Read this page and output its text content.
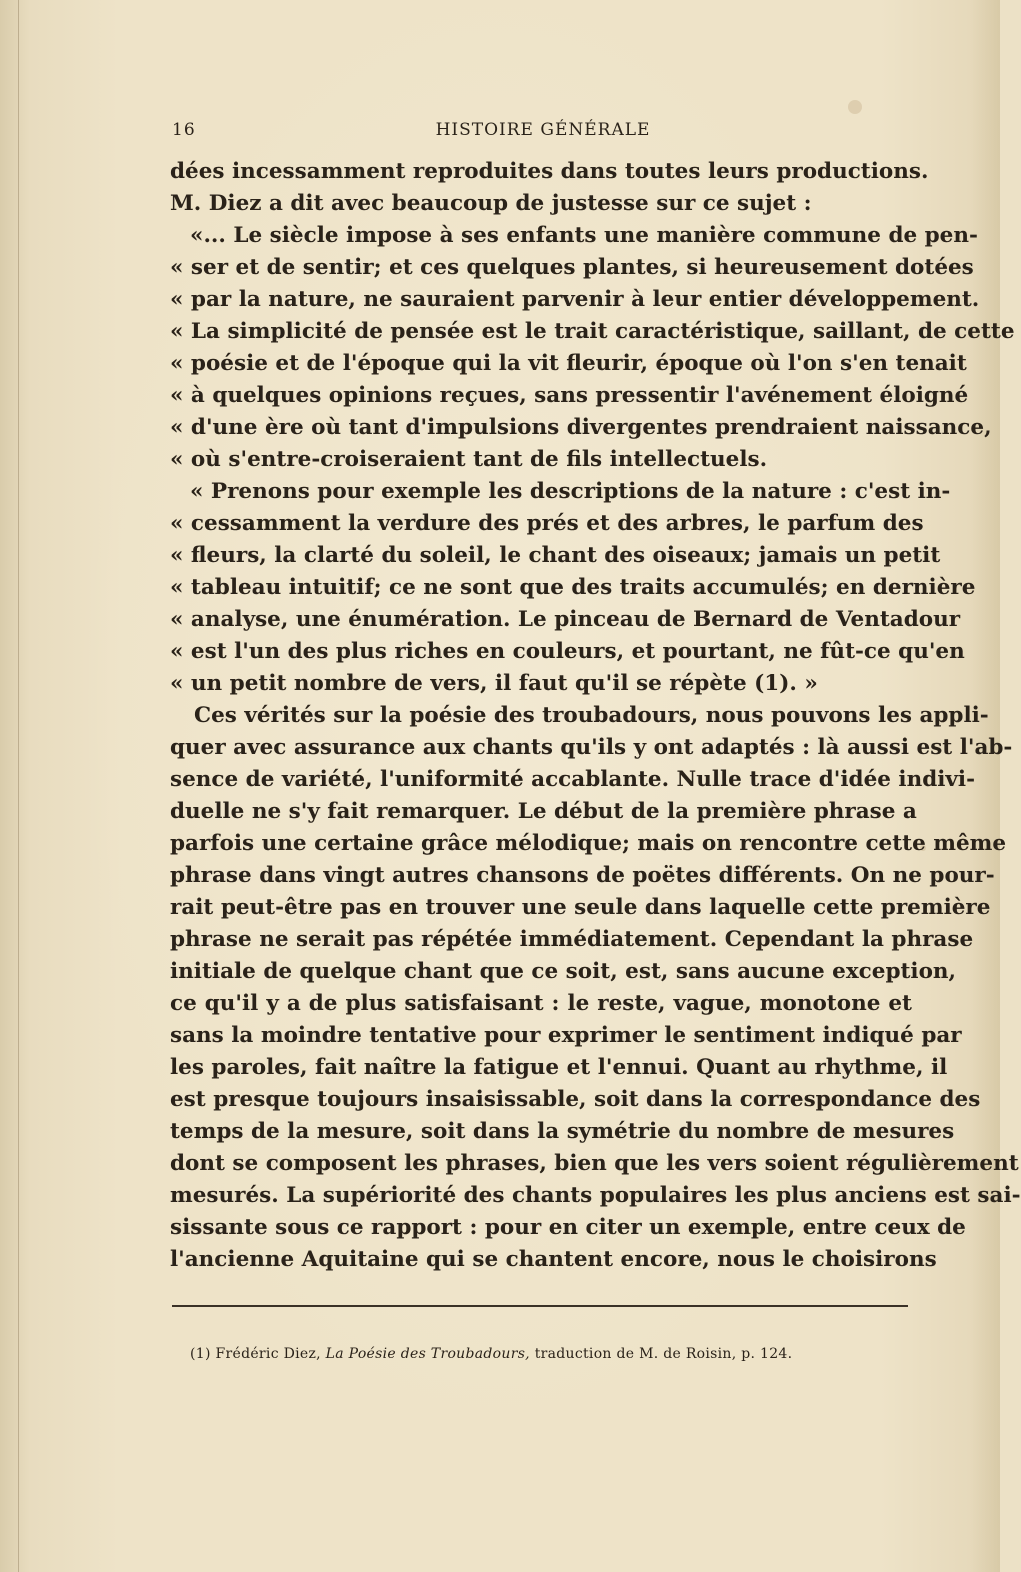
16	HISTOIRE GÉNÉRALE
dées incessamment reproduites dans toutes leurs productions.
M. Diez a dit avec beaucoup de justesse sur ce sujet :
«... Le siècle impose à ses enfants une manière commune de pen-
« ser et de sentir; et ces quelques plantes, si heureusement dotées
« par la nature, ne sauraient parvenir à leur entier développement.
« La simplicité de pensée est le trait caractéristique, saillant, de cette
« poésie et de l'époque qui la vit fleurir, époque où l'on s'en tenait
« à quelques opinions reçues, sans pressentir l'avénement éloigné
« d'une ère où tant d'impulsions divergentes prendraient naissance,
« où s'entre-croiseraient tant de fils intellectuels.
« Prenons pour exemple les descriptions de la nature : c'est in-
« cessamment la verdure des prés et des arbres, le parfum des
« fleurs, la clarté du soleil, le chant des oiseaux; jamais un petit
« tableau intuitif; ce ne sont que des traits accumulés; en dernière
« analyse, une énumération. Le pinceau de Bernard de Ventadour
« est l'un des plus riches en couleurs, et pourtant, ne fût-ce qu'en
« un petit nombre de vers, il faut qu'il se répète (1). »
Ces vérités sur la poésie des troubadours, nous pouvons les appli-
quer avec assurance aux chants qu'ils y ont adaptés : là aussi est l'ab-
sence de variété, l'uniformité accablante. Nulle trace d'idée indivi-
duelle ne s'y fait remarquer. Le début de la première phrase a
parfois une certaine grâce mélodique; mais on rencontre cette même
phrase dans vingt autres chansons de poëtes différents. On ne pour-
rait peut-être pas en trouver une seule dans laquelle cette première
phrase ne serait pas répétée immédiatement. Cependant la phrase
initiale de quelque chant que ce soit, est, sans aucune exception,
ce qu'il y a de plus satisfaisant : le reste, vague, monotone et
sans la moindre tentative pour exprimer le sentiment indiqué par
les paroles, fait naître la fatigue et l'ennui. Quant au rhythme, il
est presque toujours insaisissable, soit dans la correspondance des
temps de la mesure, soit dans la symétrie du nombre de mesures
dont se composent les phrases, bien que les vers soient régulièrement
mesurés. La supériorité des chants populaires les plus anciens est sai-
sissante sous ce rapport : pour en citer un exemple, entre ceux de
l'ancienne Aquitaine qui se chantent encore, nous le choisirons
(1) Frédéric Diez, La Poésie des Troubadours, traduction de M. de Roisin, p. 124.
